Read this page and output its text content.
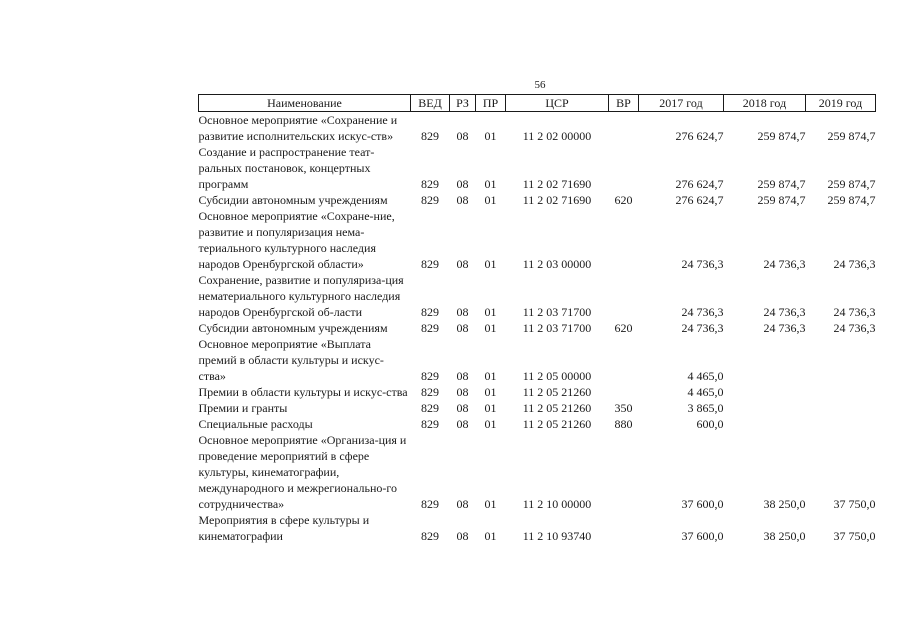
56
Наименование	ВЕД	РЗ	ПР	ЦСР	ВР	2017 год	2018 год	2019 год
Основное мероприятие «Сохранение и развитие исполнительских искус-ств»	829	08	01	11 2 02 00000		276 624,7	259 874,7	259 874,7
Создание и распространение теат-ральных постановок, концертных программ	829	08	01	11 2 02 71690		276 624,7	259 874,7	259 874,7
Субсидии автономным учреждениям	829	08	01	11 2 02 71690	620	276 624,7	259 874,7	259 874,7
Основное мероприятие «Сохране-ние, развитие и популяризация нема-териального культурного наследия народов Оренбургской области»	829	08	01	11 2 03 00000		24 736,3	24 736,3	24 736,3
Сохранение, развитие и популяриза-ция нематериального культурного наследия народов Оренбургской об-ласти	829	08	01	11 2 03 71700		24 736,3	24 736,3	24 736,3
Субсидии автономным учреждениям	829	08	01	11 2 03 71700	620	24 736,3	24 736,3	24 736,3
Основное мероприятие «Выплата премий в области культуры и искус-ства»	829	08	01	11 2 05 00000		4 465,0		
Премии в области культуры и искус-ства	829	08	01	11 2 05 21260		4 465,0		
Премии и гранты	829	08	01	11 2 05 21260	350	3 865,0		
Специальные расходы	829	08	01	11 2 05 21260	880	600,0		
Основное мероприятие «Организа-ция и проведение мероприятий в сфере культуры, кинематографии, международного и межрегионально-го сотрудничества»	829	08	01	11 2 10 00000		37 600,0	38 250,0	37 750,0
Мероприятия в сфере культуры и кинематографии	829	08	01	11 2 10 93740		37 600,0	38 250,0	37 750,0
